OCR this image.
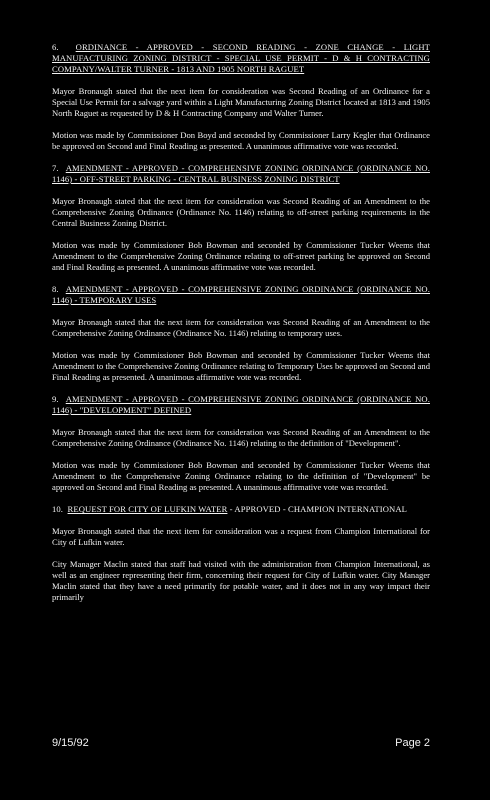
6. ORDINANCE - APPROVED - SECOND READING - ZONE CHANGE - LIGHT MANUFACTURING ZONING DISTRICT - SPECIAL USE PERMIT - D & H CONTRACTING COMPANY/WALTER TURNER - 1813 AND 1905 NORTH RAGUET
Mayor Bronaugh stated that the next item for consideration was Second Reading of an Ordinance for a Special Use Permit for a salvage yard within a Light Manufacturing Zoning District located at 1813 and 1905 North Raguet as requested by D & H Contracting Company and Walter Turner.
Motion was made by Commissioner Don Boyd and seconded by Commissioner Larry Kegler that Ordinance be approved on Second and Final Reading as presented. A unanimous affirmative vote was recorded.
7. AMENDMENT - APPROVED - COMPREHENSIVE ZONING ORDINANCE (ORDINANCE NO. 1146) - OFF-STREET PARKING - CENTRAL BUSINESS ZONING DISTRICT
Mayor Bronaugh stated that the next item for consideration was Second Reading of an Amendment to the Comprehensive Zoning Ordinance (Ordinance No. 1146) relating to off-street parking requirements in the Central Business Zoning District.
Motion was made by Commissioner Bob Bowman and seconded by Commissioner Tucker Weems that Amendment to the Comprehensive Zoning Ordinance relating to off-street parking be approved on Second and Final Reading as presented. A unanimous affirmative vote was recorded.
8. AMENDMENT - APPROVED - COMPREHENSIVE ZONING ORDINANCE (ORDINANCE NO. 1146) - TEMPORARY USES
Mayor Bronaugh stated that the next item for consideration was Second Reading of an Amendment to the Comprehensive Zoning Ordinance (Ordinance No. 1146) relating to temporary uses.
Motion was made by Commissioner Bob Bowman and seconded by Commissioner Tucker Weems that Amendment to the Comprehensive Zoning Ordinance relating to Temporary Uses be approved on Second and Final Reading as presented. A unanimous affirmative vote was recorded.
9. AMENDMENT - APPROVED - COMPREHENSIVE ZONING ORDINANCE (ORDINANCE NO. 1146) - "DEVELOPMENT" DEFINED
Mayor Bronaugh stated that the next item for consideration was Second Reading of an Amendment to the Comprehensive Zoning Ordinance (Ordinance No. 1146) relating to the definition of "Development".
Motion was made by Commissioner Bob Bowman and seconded by Commissioner Tucker Weems that Amendment to the Comprehensive Zoning Ordinance relating to the definition of "Development" be approved on Second and Final Reading as presented. A unanimous affirmative vote was recorded.
10. REQUEST FOR CITY OF LUFKIN WATER - APPROVED - CHAMPION INTERNATIONAL
Mayor Bronaugh stated that the next item for consideration was a request from Champion International for City of Lufkin water.
City Manager Maclin stated that staff had visited with the administration from Champion International, as well as an engineer representing their firm, concerning their request for City of Lufkin water. City Manager Maclin stated that they have a need primarily for potable water, and it does not in any way impact their primarily
9/15/92	Page 2
